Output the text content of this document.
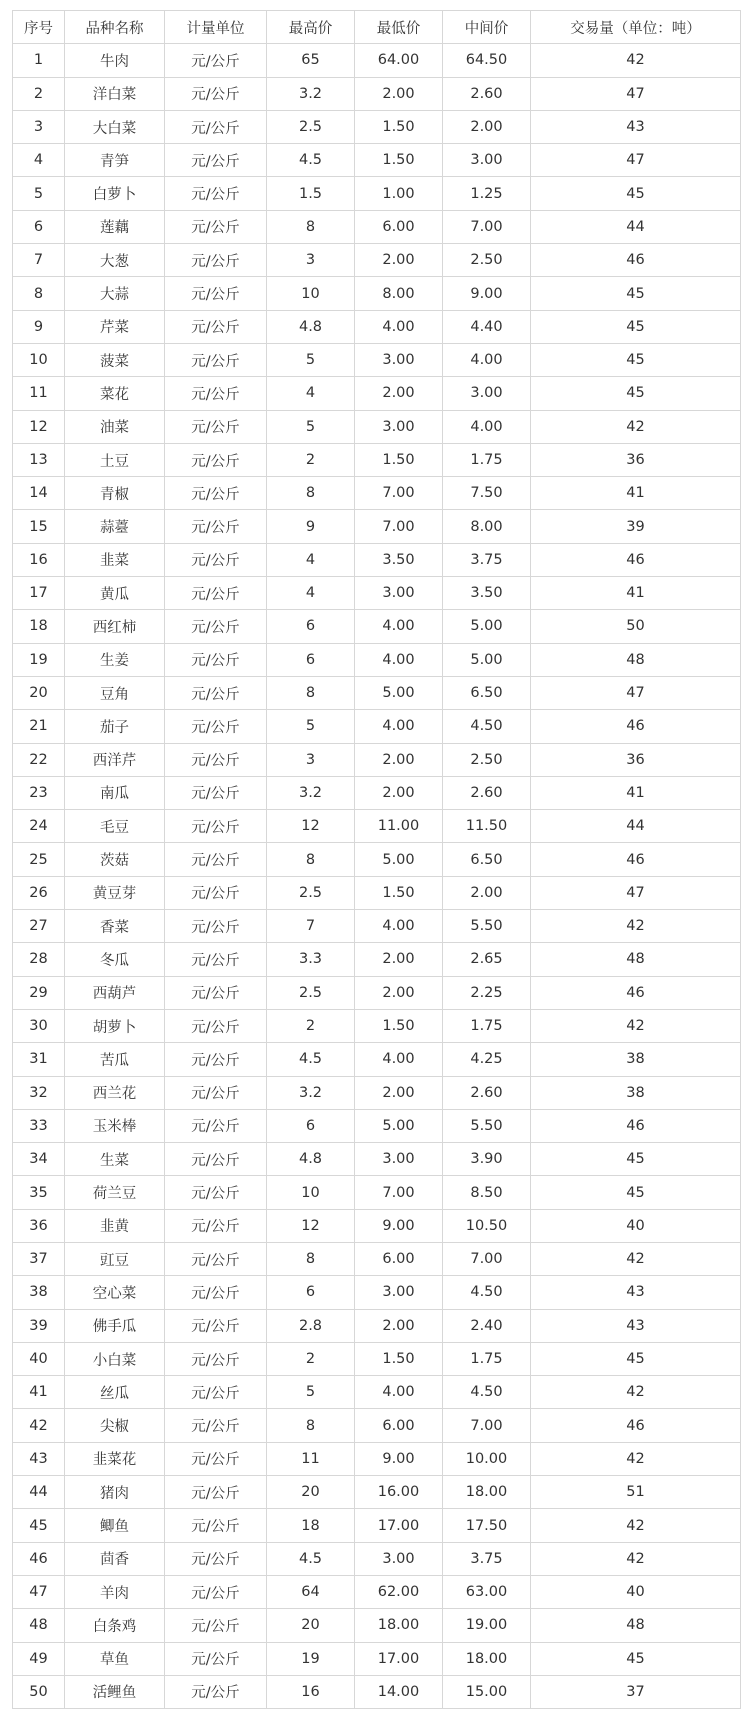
序号	品种名称	计量单位	最高价	最低价	中间价	交易量（单位：吨）
1	牛肉	元/公斤	65	64.00	64.50	42
2	洋白菜	元/公斤	3.2	2.00	2.60	47
3	大白菜	元/公斤	2.5	1.50	2.00	43
4	青笋	元/公斤	4.5	1.50	3.00	47
5	白萝卜	元/公斤	1.5	1.00	1.25	45
6	莲藕	元/公斤	8	6.00	7.00	44
7	大葱	元/公斤	3	2.00	2.50	46
8	大蒜	元/公斤	10	8.00	9.00	45
9	芹菜	元/公斤	4.8	4.00	4.40	45
10	菠菜	元/公斤	5	3.00	4.00	45
11	菜花	元/公斤	4	2.00	3.00	45
12	油菜	元/公斤	5	3.00	4.00	42
13	土豆	元/公斤	2	1.50	1.75	36
14	青椒	元/公斤	8	7.00	7.50	41
15	蒜薹	元/公斤	9	7.00	8.00	39
16	韭菜	元/公斤	4	3.50	3.75	46
17	黄瓜	元/公斤	4	3.00	3.50	41
18	西红柿	元/公斤	6	4.00	5.00	50
19	生姜	元/公斤	6	4.00	5.00	48
20	豆角	元/公斤	8	5.00	6.50	47
21	茄子	元/公斤	5	4.00	4.50	46
22	西洋芹	元/公斤	3	2.00	2.50	36
23	南瓜	元/公斤	3.2	2.00	2.60	41
24	毛豆	元/公斤	12	11.00	11.50	44
25	茨菇	元/公斤	8	5.00	6.50	46
26	黄豆芽	元/公斤	2.5	1.50	2.00	47
27	香菜	元/公斤	7	4.00	5.50	42
28	冬瓜	元/公斤	3.3	2.00	2.65	48
29	西葫芦	元/公斤	2.5	2.00	2.25	46
30	胡萝卜	元/公斤	2	1.50	1.75	42
31	苦瓜	元/公斤	4.5	4.00	4.25	38
32	西兰花	元/公斤	3.2	2.00	2.60	38
33	玉米棒	元/公斤	6	5.00	5.50	46
34	生菜	元/公斤	4.8	3.00	3.90	45
35	荷兰豆	元/公斤	10	7.00	8.50	45
36	韭黄	元/公斤	12	9.00	10.50	40
37	豇豆	元/公斤	8	6.00	7.00	42
38	空心菜	元/公斤	6	3.00	4.50	43
39	佛手瓜	元/公斤	2.8	2.00	2.40	43
40	小白菜	元/公斤	2	1.50	1.75	45
41	丝瓜	元/公斤	5	4.00	4.50	42
42	尖椒	元/公斤	8	6.00	7.00	46
43	韭菜花	元/公斤	11	9.00	10.00	42
44	猪肉	元/公斤	20	16.00	18.00	51
45	鲫鱼	元/公斤	18	17.00	17.50	42
46	茴香	元/公斤	4.5	3.00	3.75	42
47	羊肉	元/公斤	64	62.00	63.00	40
48	白条鸡	元/公斤	20	18.00	19.00	48
49	草鱼	元/公斤	19	17.00	18.00	45
50	活鲤鱼	元/公斤	16	14.00	15.00	37
